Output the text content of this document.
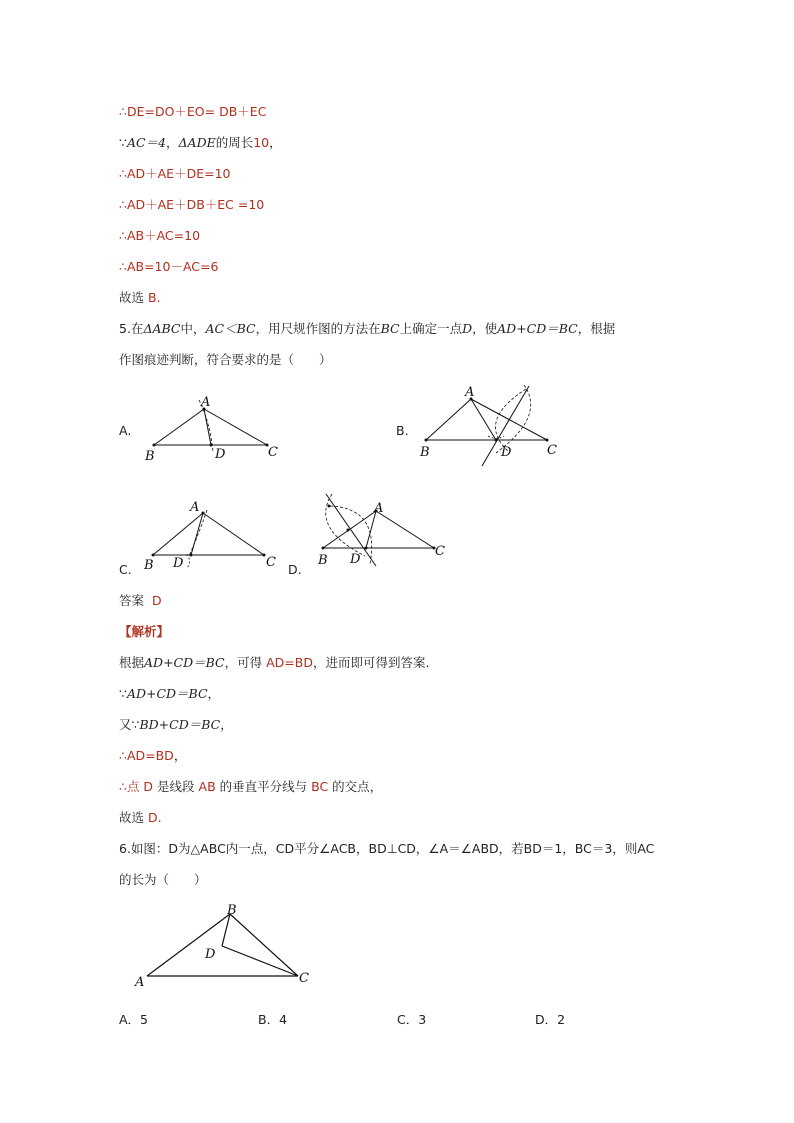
∴DE=DO＋EO= DB＋EC
∵AC＝4，ΔADE的周长10，
∴AD＋AE＋DE=10
∴AD＋AE＋DB＋EC =10
∴AB＋AC=10
∴AB=10－AC=6
故选 B.
5.在ΔABC中，AC＜BC，用尺规作图的方法在BC上确定一点D，使AD+CD＝BC，根据
作图痕迹判断，符合要求的是（　　）
A.
A
B	D	C
B.
A
B	D	C
C.
A
B D	C D.
A
B D
C
答案 D
【解析】
根据AD+CD＝BC，可得 AD=BD，进而即可得到答案.
∵AD+CD＝BC，
又∵BD+CD＝BC，
∴AD=BD，
∴点 D 是线段 AB 的垂直平分线与 BC 的交点，
故选 D.
6.如图：D为△ABC内一点，CD平分∠ACB，BD⊥CD，∠A＝∠ABD，若BD＝1，BC＝3，则AC
的长为（　　）
B
D
A	C
A．5	B．4	C．3	D．2
